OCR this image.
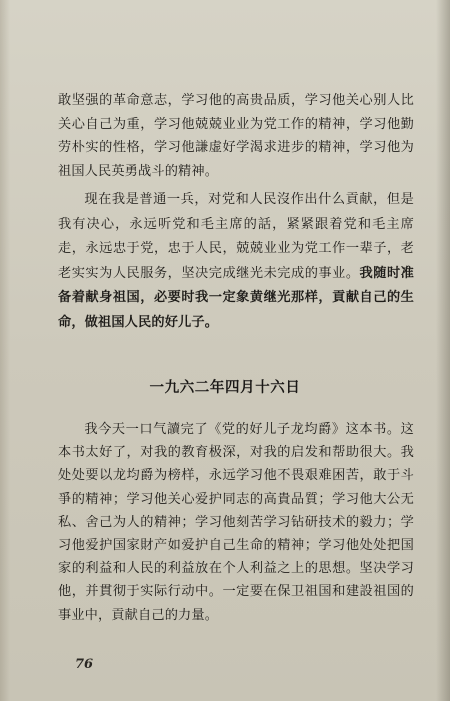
敢坚强的革命意志，学习他的高贵品质，学习他关心别人比关心自己为重，学习他兢兢业业为党工作的精神，学习他勤劳朴实的性格，学习他謙虚好学渴求进步的精神，学习他为祖国人民英勇战斗的精神。

现在我是普通一兵，对党和人民沒作出什么貢献，但是我有决心，永远听党和毛主席的話，紧紧跟着党和毛主席走，永远忠于党，忠于人民，兢兢业业为党工作一辈子，老老实实为人民服务，坚决完成继光未完成的事业。我随时准备着献身祖国，必要时我一定象黄继光那样，貢献自己的生命，做祖国人民的好儿子。

一九六二年四月十六日

我今天一口气讀完了《党的好儿子龙均爵》这本书。这本书太好了，对我的教育极深，对我的启发和帮助很大。我处处要以龙均爵为榜样，永远学习他不畏艰难困苦，敢于斗爭的精神；学习他关心爱护同志的高貴品質；学习他大公无私、舍己为人的精神；学习他刻苦学习钻研技术的毅力；学习他爱护国家財产如爱护自己生命的精神；学习他处处把国家的利益和人民的利益放在个人利益之上的思想。坚决学习他，并貫彻于实际行动中。一定要在保卫祖国和建設祖国的事业中，貢献自己的力量。

76
